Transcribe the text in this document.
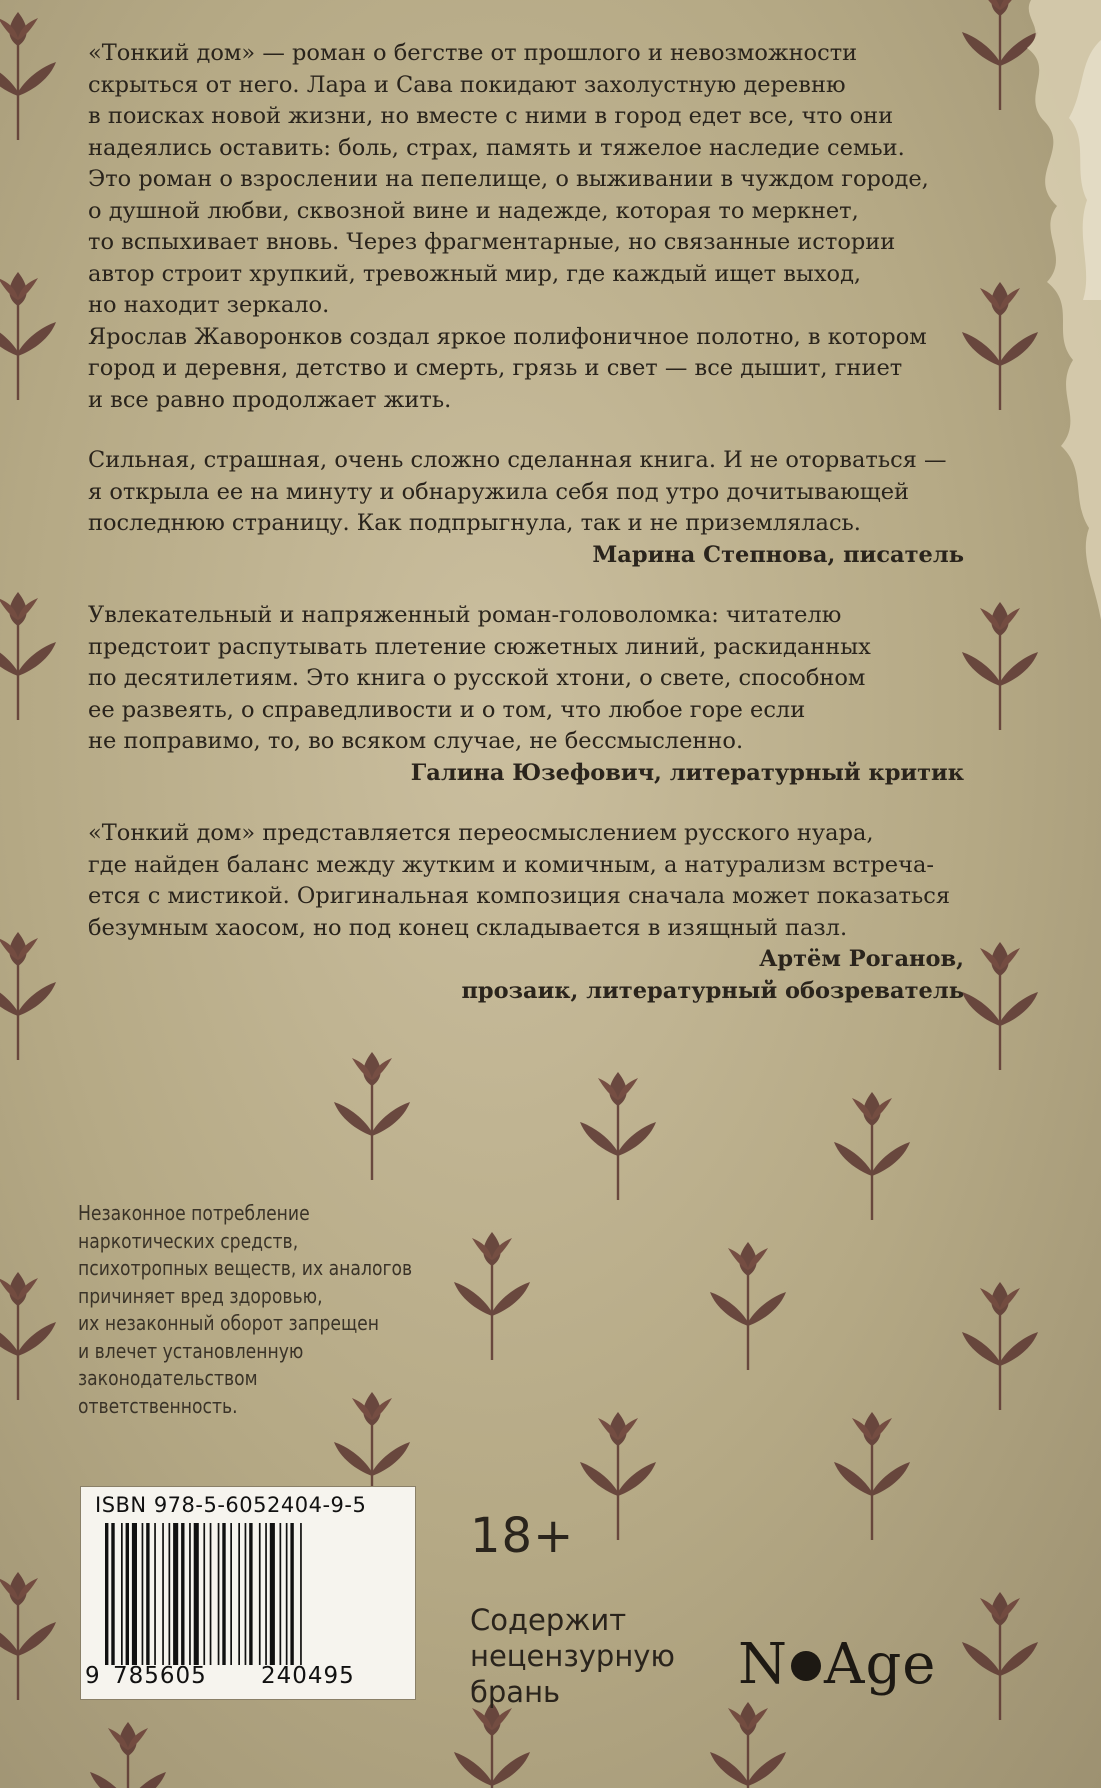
«Тонкий дом» — роман о бегстве от прошлого и невозможности
скрыться от него. Лара и Сава покидают захолустную деревню
в поисках новой жизни, но вместе с ними в город едет все, что они
надеялись оставить: боль, страх, память и тяжелое наследие семьи.
Это роман о взрослении на пепелище, о выживании в чуждом городе,
о душной любви, сквозной вине и надежде, которая то меркнет,
то вспыхивает вновь. Через фрагментарные, но связанные истории
автор строит хрупкий, тревожный мир, где каждый ищет выход,
но находит зеркало.
Ярослав Жаворонков создал яркое полифоничное полотно, в котором
город и деревня, детство и смерть, грязь и свет — все дышит, гниет
и все равно продолжает жить.
Сильная, страшная, очень сложно сделанная книга. И не оторваться —
я открыла ее на минуту и обнаружила себя под утро дочитывающей
последнюю страницу. Как подпрыгнула, так и не приземлялась.
Марина Степнова, писатель
Увлекательный и напряженный роман-головоломка: читателю
предстоит распутывать плетение сюжетных линий, раскиданных
по десятилетиям. Это книга о русской хтони, о свете, способном
ее развеять, о справедливости и о том, что любое горе если
не поправимо, то, во всяком случае, не бессмысленно.
Галина Юзефович, литературный критик
«Тонкий дом» представляется переосмыслением русского нуара,
где найден баланс между жутким и комичным, а натурализм встреча-
ется с мистикой. Оригинальная композиция сначала может показаться
безумным хаосом, но под конец складывается в изящный пазл.
Артём Роганов,
прозаик, литературный обозреватель
Незаконное потребление
наркотических средств,
психотропных веществ, их аналогов
причиняет вред здоровью,
их незаконный оборот запрещен
и влечет установленную
законодательством
ответственность.
ISBN 978-5-6052404-9-5
9 785605 240495
18+
Содержит
нецензурную
брань	N Age
